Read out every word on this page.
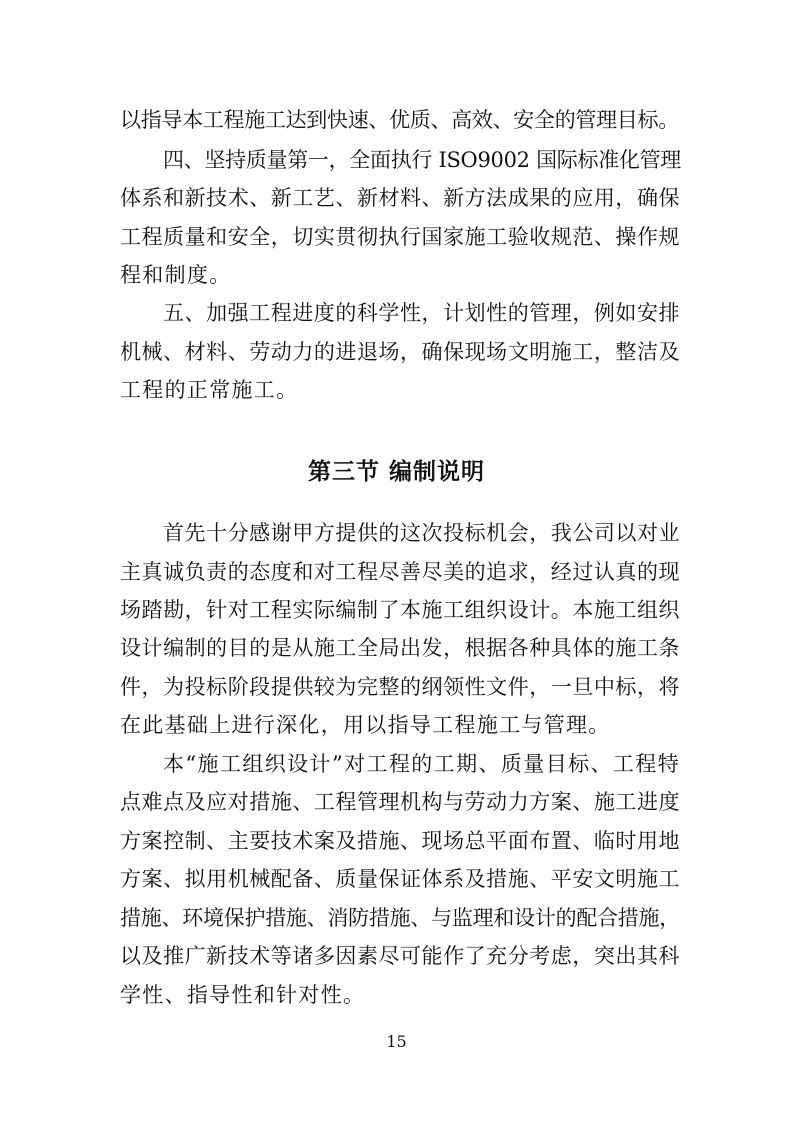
以指导本工程施工达到快速、优质、高效、安全的管理目标。
四、坚持质量第一，全面执行 ISO9002 国际标准化管理
体系和新技术、新工艺、新材料、新方法成果的应用，确保
工程质量和安全，切实贯彻执行国家施工验收规范、操作规
程和制度。
五、加强工程进度的科学性，计划性的管理，例如安排
机械、材料、劳动力的进退场，确保现场文明施工，整洁及
工程的正常施工。
第三节 编制说明
首先十分感谢甲方提供的这次投标机会，我公司以对业
主真诚负责的态度和对工程尽善尽美的追求，经过认真的现
场踏勘，针对工程实际编制了本施工组织设计。本施工组织
设计编制的目的是从施工全局出发，根据各种具体的施工条
件，为投标阶段提供较为完整的纲领性文件，一旦中标，将
在此基础上进行深化，用以指导工程施工与管理。
本“施工组织设计”对工程的工期、质量目标、工程特
点难点及应对措施、工程管理机构与劳动力方案、施工进度
方案控制、主要技术案及措施、现场总平面布置、临时用地
方案、拟用机械配备、质量保证体系及措施、平安文明施工
措施、环境保护措施、消防措施、与监理和设计的配合措施，
以及推广新技术等诸多因素尽可能作了充分考虑，突出其科
学性、指导性和针对性。
15
